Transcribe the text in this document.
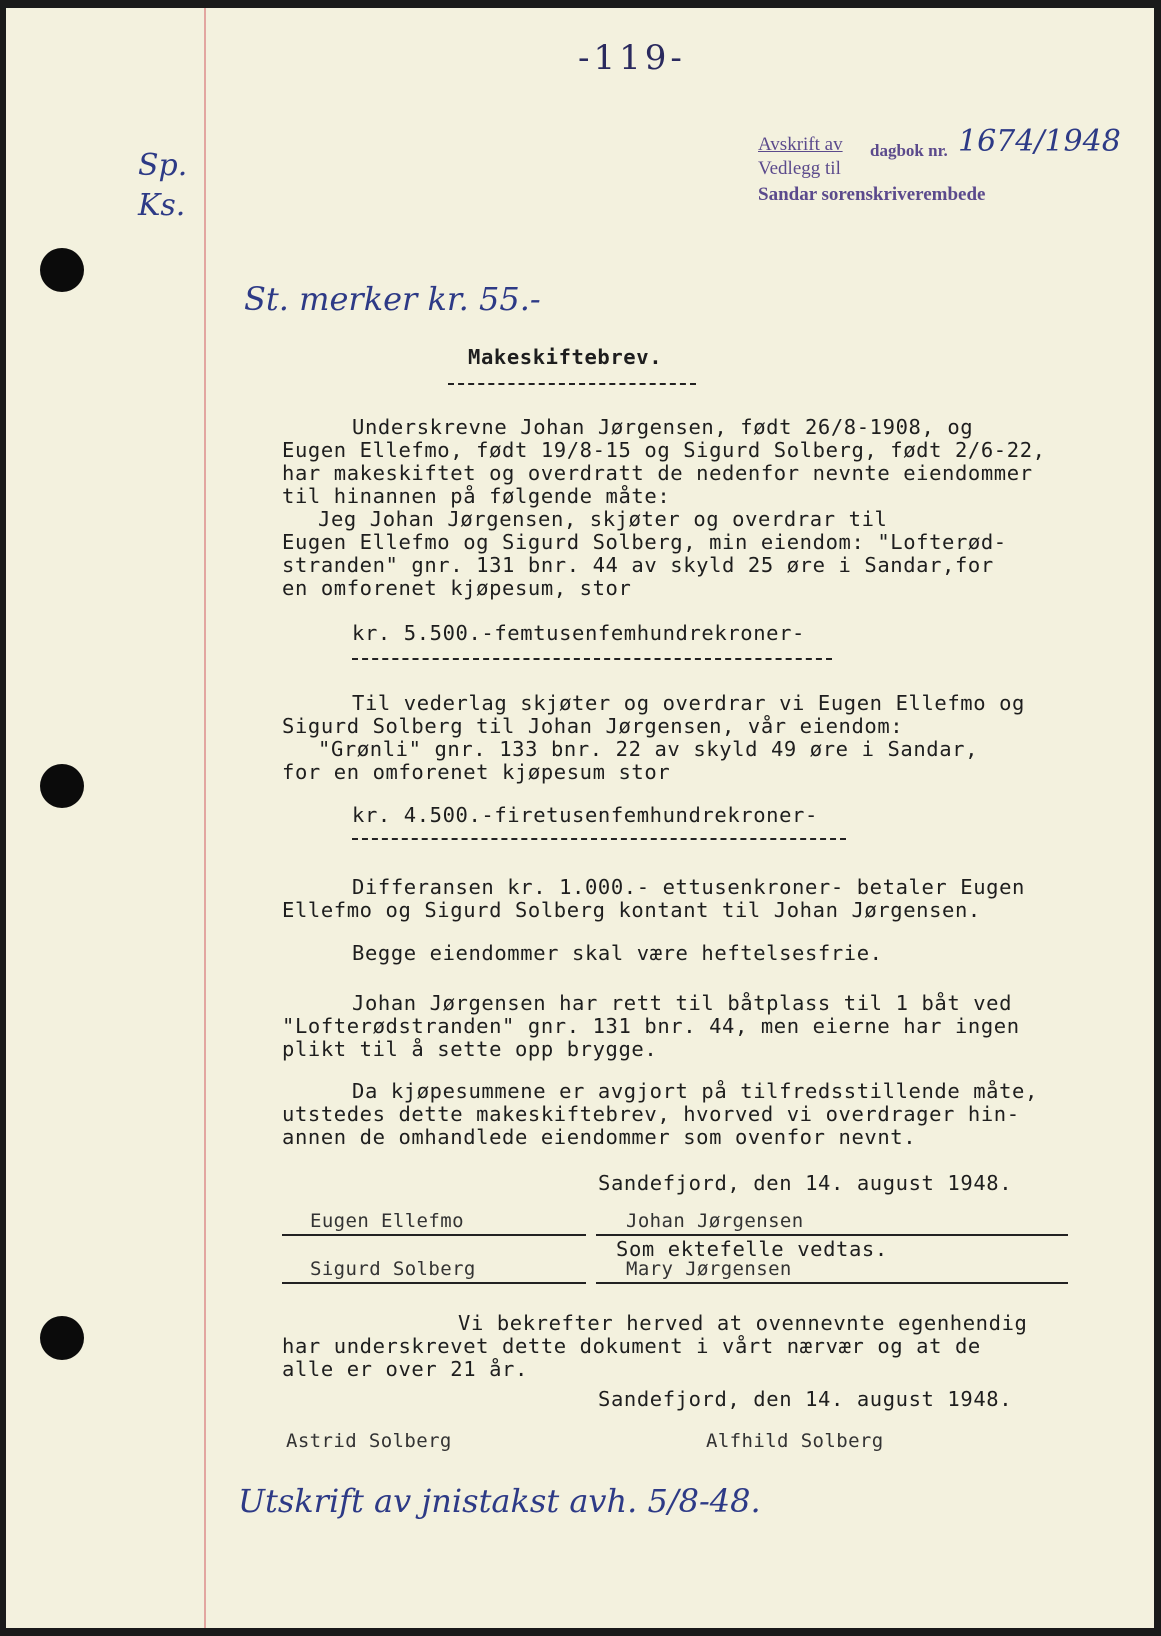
-119-
Sp. Ks.
Avskrift av dagbok nr. 1674/1948
Vedlegg til
Sandar sorenskriverembede
St. merker kr. 55.-
Makeskiftebrev.
Underskrevne Johan Jørgensen, født 26/8-1908, og
Eugen Ellefmo, født 19/8-15 og Sigurd Solberg, født 2/6-22,
har makeskiftet og overdratt de nedenfor nevnte eiendommer
til hinannen på følgende måte:
Jeg Johan Jørgensen, skjøter og overdrar til
Eugen Ellefmo og Sigurd Solberg, min eiendom: "Lofterød-
stranden" gnr. 131 bnr. 44 av skyld 25 øre i Sandar,for
en omforenet kjøpesum, stor
kr. 5.500.-femtusenfemhundrekroner-
Til vederlag skjøter og overdrar vi Eugen Ellefmo og
Sigurd Solberg til Johan Jørgensen, vår eiendom:
"Grønli" gnr. 133 bnr. 22 av skyld 49 øre i Sandar,
for en omforenet kjøpesum stor
kr. 4.500.-firetusenfemhundrekroner-
Differansen kr. 1.000.- ettusenkroner- betaler Eugen
Ellefmo og Sigurd Solberg kontant til Johan Jørgensen.
Begge eiendommer skal være heftelsesfrie.
Johan Jørgensen har rett til båtplass til 1 båt ved
"Lofterødstranden" gnr. 131 bnr. 44, men eierne har ingen
plikt til å sette opp brygge.
Da kjøpesummene er avgjort på tilfredsstillende måte,
utstedes dette makeskiftebrev, hvorved vi overdrager hin-
annen de omhandlede eiendommer som ovenfor nevnt.
Sandefjord, den 14. august 1948.
Eugen Ellefmo	Johan Jørgensen
Som ektefelle vedtas.
Sigurd Solberg	Mary Jørgensen
Vi bekrefter herved at ovennevnte egenhendig
har underskrevet dette dokument i vårt nærvær og at de
alle er over 21 år.
Sandefjord, den 14. august 1948.
Astrid Solberg	Alfhild Solberg
Utskrift av jnistakst avh. 5/8-48.
